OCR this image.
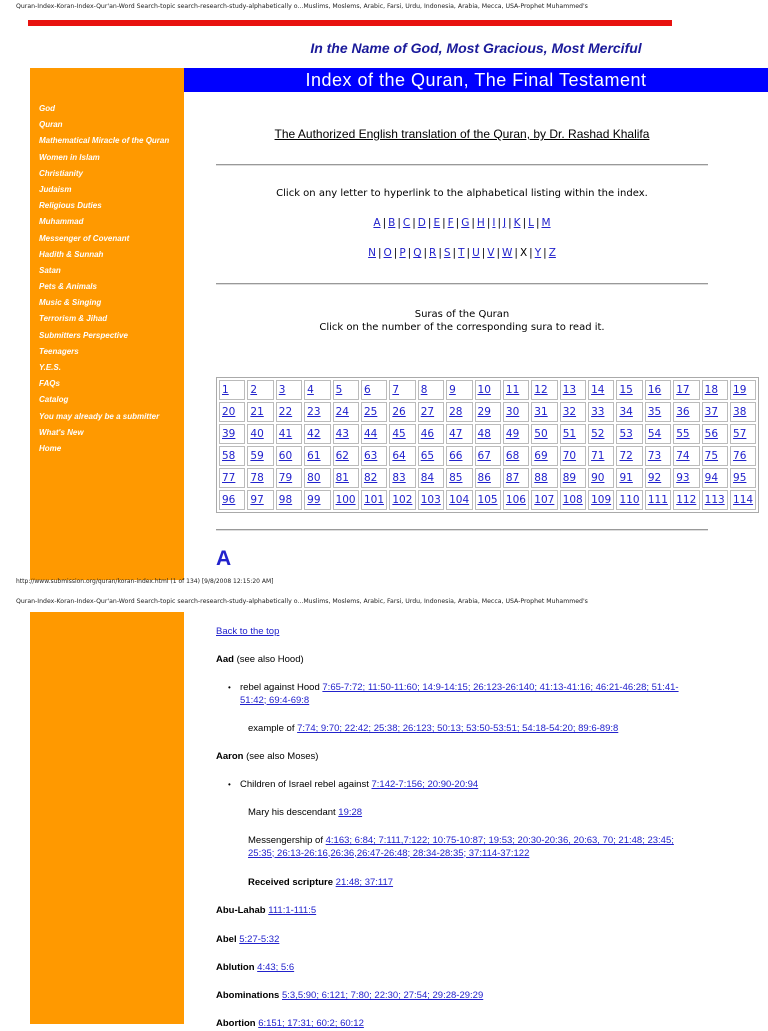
Quran-Index-Koran-Index-Qur'an-Word Search-topic search-research-study-alphabetically o...Muslims, Moslems, Arabic, Farsi, Urdu, Indonesia, Arabia, Mecca, USA-Prophet Muhammed's
In the Name of God, Most Gracious, Most Merciful
God
Quran
Mathematical Miracle of the Quran
Women in Islam
Christianity
Judaism
Religious Duties
Muhammad
Messenger of Covenant
Hadith & Sunnah
Satan
Pets & Animals
Music & Singing
Terrorism & Jihad
Submitters Perspective
Teenagers
Y.E.S.
FAQs
Catalog
You may already be a submitter
What's New
Home
Index of the Quran, The Final Testament
The Authorized English translation of the Quran, by Dr. Rashad Khalifa
Click on any letter to hyperlink to the alphabetical listing within the index.
A | B | C | D | E | F | G | H | I | J | K | L | M
N | O | P | Q | R | S | T | U | V | W | X | Y | Z
Suras of the Quran
Click on the number of the corresponding sura to read it.
1	2	3	4	5	6	7	8	9	10	11	12	13	14	15	16	17	18	19
20	21	22	23	24	25	26	27	28	29	30	31	32	33	34	35	36	37	38
39	40	41	42	43	44	45	46	47	48	49	50	51	52	53	54	55	56	57
58	59	60	61	62	63	64	65	66	67	68	69	70	71	72	73	74	75	76
77	78	79	80	81	82	83	84	85	86	87	88	89	90	91	92	93	94	95
96	97	98	99	100	101	102	103	104	105	106	107	108	109	110	111	112	113	114
A
http://www.submission.org/quran/koran-index.html (1 of 134) [9/8/2008 12:15:20 AM]
Quran-Index-Koran-Index-Qur'an-Word Search-topic search-research-study-alphabetically o...Muslims, Moslems, Arabic, Farsi, Urdu, Indonesia, Arabia, Mecca, USA-Prophet Muhammed's
Back to the top
Aad (see also Hood)
• rebel against Hood 7:65-7:72; 11:50-11:60; 14:9-14:15; 26:123-26:140; 41:13-41:16; 46:21-46:28; 51:41-
51:42; 69:4-69:8
example of 7:74; 9:70; 22:42; 25:38; 26:123; 50:13; 53:50-53:51; 54:18-54:20; 89:6-89:8
Aaron (see also Moses)
• Children of Israel rebel against 7:142-7:156; 20:90-20:94
Mary his descendant 19:28
Messengership of 4:163; 6:84; 7:111,7:122; 10:75-10:87; 19:53; 20:30-20:36, 20:63, 70; 21:48; 23:45;
25:35; 26:13-26:16,26:36,26:47-26:48; 28:34-28:35; 37:114-37:122
Received scripture 21:48; 37:117
Abu-Lahab 111:1-111:5
Abel 5:27-5:32
Ablution 4:43; 5:6
Abominations 5:3,5:90; 6:121; 7:80; 22:30; 27:54; 29:28-29:29
Abortion 6:151; 17:31; 60:2; 60:12
